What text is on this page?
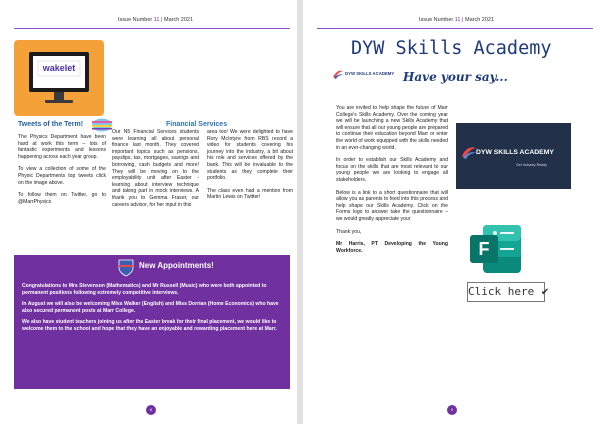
Issue Number 11 | March 2021
wakelet
Tweets of the Term!

The Physics Department have been hard at work this term – lots of fantastic experiments and lessons happening across each year group.

To view a collection of some of the Physic Departments top tweets click on the image above.

To follow them on Twitter, go to @MarrPhysics

Financial Services
Our N5 Financial Services students were learning all about personal finance last month. They covered important topics such as pensions, payslips, tax, mortgages, savings and borrowing, cash budgets and more! They will be moving on to the employability unit after Easter - learning about interview technique and taking part in mock interviews. A thank you to Gemma Fraser, our careers advisor, for her input in this

area too! We were delighted to have Rory McIntyre from RBS record a video for students covering his journey into the industry, a bit about his role and services offered by the bank. This will be invaluable to the students as they complete their portfolio.

The class even had a mention from Martin Lewis on Twitter!

New Appointments!

Congratulations to Mrs Stevenson (Mathematics) and Mr Russell (Music) who were both appointed to permanent positions following extremely competitive interviews.

In August we will also be welcoming Miss Walker (English) and Miss Dorrian (Home Economics) who have also secured permanent posts at Marr College.

We also have student teachers joining us after the Easter break for their final placement, we would like to welcome them to the school and hope that they have an enjoyable and rewarding placement here at Marr.

8
Issue Number 11 | March 2021
DYW Skills Academy
Have your say...
DYW SKILLS ACADEMY

You are invited to help shape the future of Marr College's Skills Academy. Over the coming year we will be launching a new Skills Academy that will ensure that all our young people are prepared to continue their education beyond Marr or enter the world of work equipped with the skills needed in an ever-changing world.

In order to establish our Skills Academy and focus on the skills that are most relevant to our young people we are looking to engage all stakeholders.

Below is a link to a short questionnaire that will allow you as parents to feed into this process and help shape our Skills Academy. Click on the Forms logo to answer take the questionnaire – we would greatly appreciate your

Thank you,

Mr Harris, PT Developing the Young Workforce.

DYW SKILLS ACADEMY
Get Industry Ready
F
Click here ✔
9
